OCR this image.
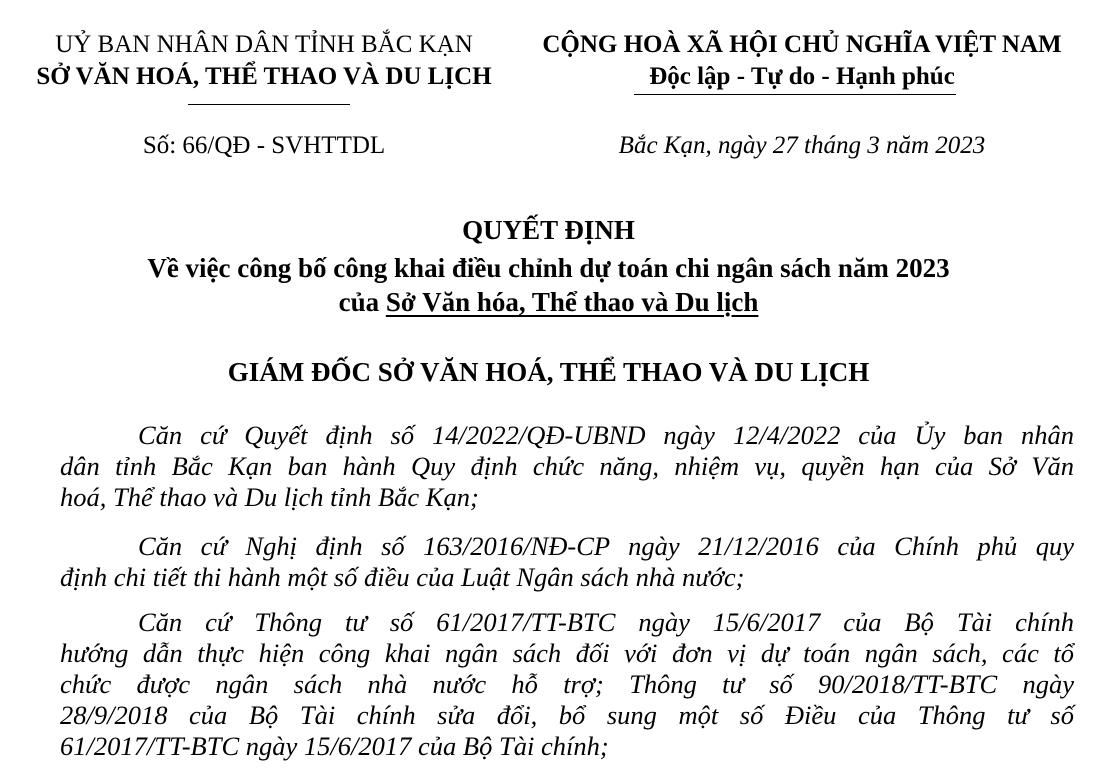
UỶ BAN NHÂN DÂN TỈNH BẮC KẠN
SỞ VĂN HOÁ, THỂ THAO VÀ DU LỊCH
Số: 66/QĐ - SVHTTDL
CỘNG HOÀ XÃ HỘI CHỦ NGHĨA VIỆT NAM
Độc lập - Tự do - Hạnh phúc
Bắc Kạn, ngày 27 tháng 3 năm 2023
QUYẾT ĐỊNH
Về việc công bố công khai điều chỉnh dự toán chi ngân sách năm 2023
của Sở Văn hóa, Thể thao và Du lịch
GIÁM ĐỐC SỞ VĂN HOÁ, THỂ THAO VÀ DU LỊCH
Căn cứ Quyết định số 14/2022/QĐ-UBND ngày 12/4/2022 của Ủy ban nhân
dân tỉnh Bắc Kạn ban hành Quy định chức năng, nhiệm vụ, quyền hạn của Sở Văn
hoá, Thể thao và Du lịch tỉnh Bắc Kạn;
Căn cứ Nghị định số 163/2016/NĐ-CP ngày 21/12/2016 của Chính phủ quy
định chi tiết thi hành một số điều của Luật Ngân sách nhà nước;
Căn cứ Thông tư số 61/2017/TT-BTC ngày 15/6/2017 của Bộ Tài chính
hướng dẫn thực hiện công khai ngân sách đối với đơn vị dự toán ngân sách, các tổ
chức được ngân sách nhà nước hỗ trợ; Thông tư số 90/2018/TT-BTC ngày
28/9/2018 của Bộ Tài chính sửa đổi, bổ sung một số Điều của Thông tư số
61/2017/TT-BTC ngày 15/6/2017 của Bộ Tài chính;
